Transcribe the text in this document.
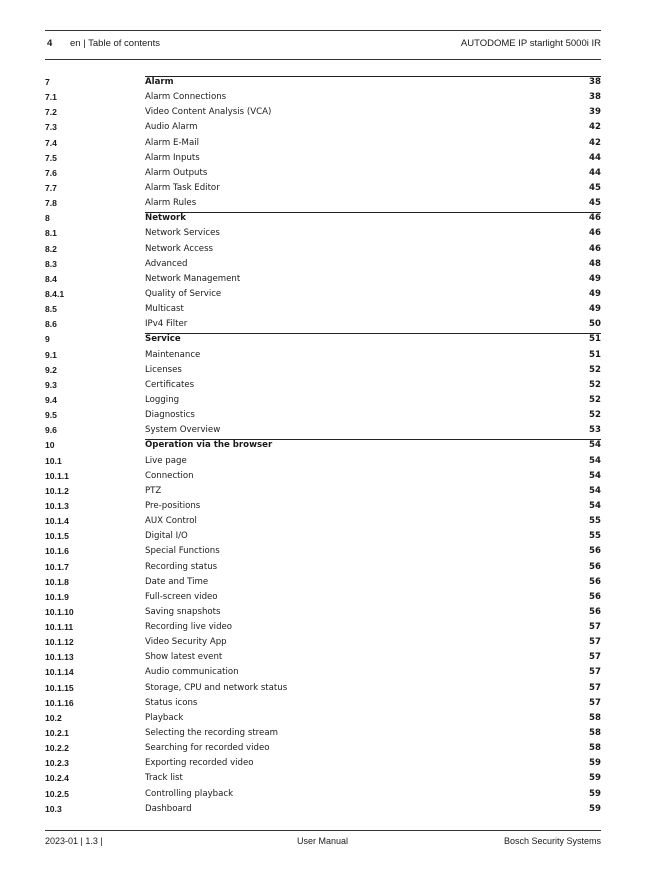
4 en | Table of contents	AUTODOME IP starlight 5000i IR
7	Alarm	38
7.1	Alarm Connections	38
7.2	Video Content Analysis (VCA)	39
7.3	Audio Alarm	42
7.4	Alarm E-Mail	42
7.5	Alarm Inputs	44
7.6	Alarm Outputs	44
7.7	Alarm Task Editor	45
7.8	Alarm Rules	45
8	Network	46
8.1	Network Services	46
8.2	Network Access	46
8.3	Advanced	48
8.4	Network Management	49
8.4.1	Quality of Service	49
8.5	Multicast	49
8.6	IPv4 Filter	50
9	Service	51
9.1	Maintenance	51
9.2	Licenses	52
9.3	Certificates	52
9.4	Logging	52
9.5	Diagnostics	52
9.6	System Overview	53
10	Operation via the browser	54
10.1	Live page	54
10.1.1	Connection	54
10.1.2	PTZ	54
10.1.3	Pre-positions	54
10.1.4	AUX Control	55
10.1.5	Digital I/O	55
10.1.6	Special Functions	56
10.1.7	Recording status	56
10.1.8	Date and Time	56
10.1.9	Full-screen video	56
10.1.10	Saving snapshots	56
10.1.11	Recording live video	57
10.1.12	Video Security App	57
10.1.13	Show latest event	57
10.1.14	Audio communication	57
10.1.15	Storage, CPU and network status	57
10.1.16	Status icons	57
10.2	Playback	58
10.2.1	Selecting the recording stream	58
10.2.2	Searching for recorded video	58
10.2.3	Exporting recorded video	59
10.2.4	Track list	59
10.2.5	Controlling playback	59
10.3	Dashboard	59
2023-01 | 1.3 |	User Manual	Bosch Security Systems
